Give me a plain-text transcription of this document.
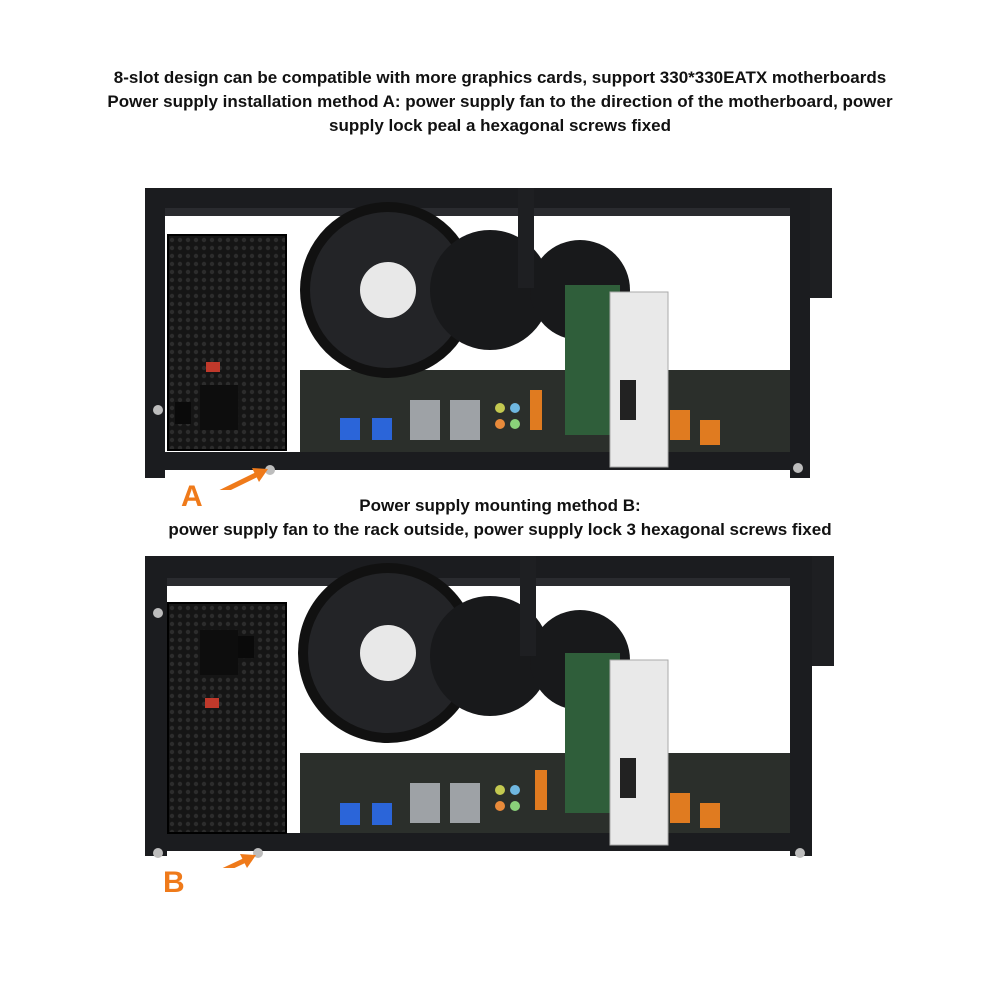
8-slot design can be compatible with more graphics cards, support 330*330EATX motherboards
Power supply installation method A: power supply fan to the direction of the motherboard, power
supply lock peal a hexagonal screws fixed
A	Power supply mounting method B:
power supply fan to the rack outside, power supply lock 3 hexagonal screws fixed
B
